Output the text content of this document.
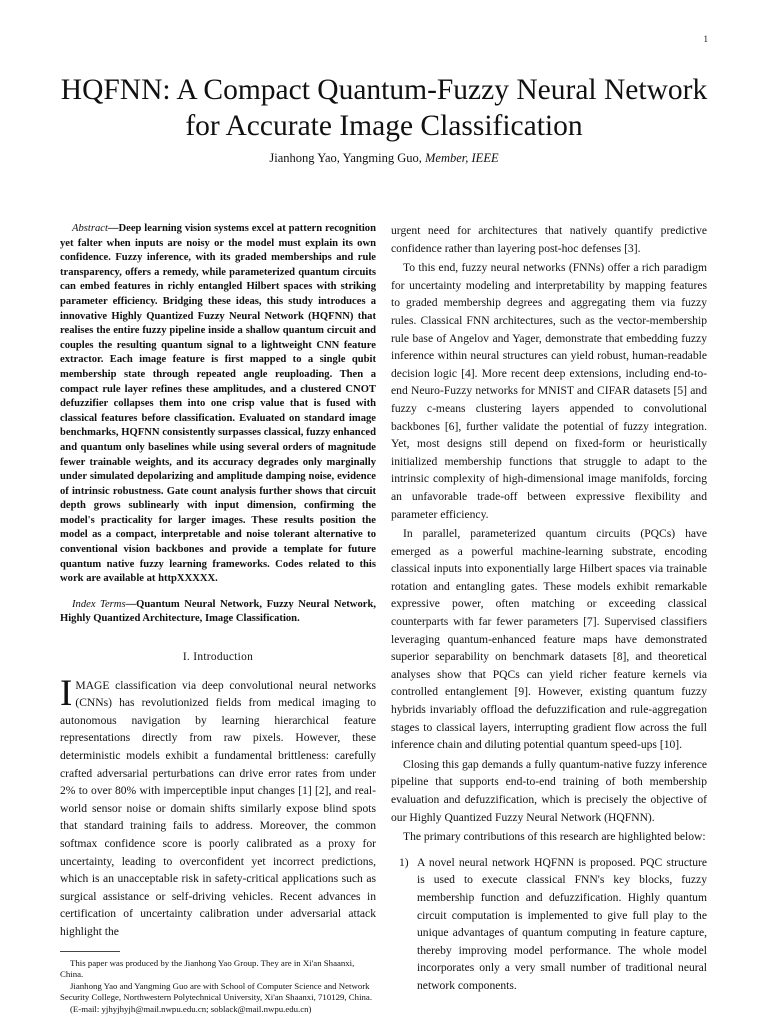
1
HQFNN: A Compact Quantum-Fuzzy Neural Network for Accurate Image Classification
Jianhong Yao, Yangming Guo, Member, IEEE

Abstract—Deep learning vision systems excel at pattern recognition yet falter when inputs are noisy or the model must explain its own confidence. Fuzzy inference, with its graded memberships and rule transparency, offers a remedy, while parameterized quantum circuits can embed features in richly entangled Hilbert spaces with striking parameter efficiency. Bridging these ideas, this study introduces a innovative Highly Quantized Fuzzy Neural Network (HQFNN) that realises the entire fuzzy pipeline inside a shallow quantum circuit and couples the resulting quantum signal to a lightweight CNN feature extractor. Each image feature is first mapped to a single qubit membership state through repeated angle reuploading. Then a compact rule layer refines these amplitudes, and a clustered CNOT defuzzifier collapses them into one crisp value that is fused with classical features before classification. Evaluated on standard image benchmarks, HQFNN consistently surpasses classical, fuzzy enhanced and quantum only baselines while using several orders of magnitude fewer trainable weights, and its accuracy degrades only marginally under simulated depolarizing and amplitude damping noise, evidence of intrinsic robustness. Gate count analysis further shows that circuit depth grows sublinearly with input dimension, confirming the model's practicality for larger images. These results position the model as a compact, interpretable and noise tolerant alternative to conventional vision backbones and provide a template for future quantum native fuzzy learning frameworks. Codes related to this work are available at httpXXXXX.

Index Terms—Quantum Neural Network, Fuzzy Neural Network, Highly Quantized Architecture, Image Classification.

I. Introduction

IMAGE classification via deep convolutional neural networks (CNNs) has revolutionized fields from medical imaging to autonomous navigation by learning hierarchical feature representations directly from raw pixels. However, these deterministic models exhibit a fundamental brittleness: carefully crafted adversarial perturbations can drive error rates from under 2% to over 80% with imperceptible input changes [1] [2], and real-world sensor noise or domain shifts similarly expose blind spots that standard training fails to address. Moreover, the common softmax confidence score is poorly calibrated as a proxy for uncertainty, leading to overconfident yet incorrect predictions, which is an unacceptable risk in safety-critical applications such as surgical assistance or self-driving vehicles. Recent advances in certification of uncertainty calibration under adversarial attack highlight the

This paper was produced by the Jianhong Yao Group. They are in Xi'an Shaanxi, China.

Jianhong Yao and Yangming Guo are with School of Computer Science and Network Security College, Northwestern Polytechnical University, Xi'an Shaanxi, 710129, China.

(E-mail: yjhyjhyjh@mail.nwpu.edu.cn; soblack@mail.nwpu.edu.cn)

urgent need for architectures that natively quantify predictive confidence rather than layering post-hoc defenses [3].

To this end, fuzzy neural networks (FNNs) offer a rich paradigm for uncertainty modeling and interpretability by mapping features to graded membership degrees and aggregating them via fuzzy rules. Classical FNN architectures, such as the vector-membership rule base of Angelov and Yager, demonstrate that embedding fuzzy inference within neural structures can yield robust, human-readable decision logic [4]. More recent deep extensions, including end-to-end Neuro-Fuzzy networks for MNIST and CIFAR datasets [5] and fuzzy c-means clustering layers appended to convolutional backbones [6], further validate the potential of fuzzy integration. Yet, most designs still depend on fixed-form or heuristically initialized membership functions that struggle to adapt to the intrinsic complexity of high-dimensional image manifolds, forcing an unfavorable trade-off between expressive flexibility and parameter efficiency.

In parallel, parameterized quantum circuits (PQCs) have emerged as a powerful machine-learning substrate, encoding classical inputs into exponentially large Hilbert spaces via trainable rotation and entangling gates. These models exhibit remarkable expressive power, often matching or exceeding classical counterparts with far fewer parameters [7]. Supervised classifiers leveraging quantum-enhanced feature maps have demonstrated superior separability on benchmark datasets [8], and theoretical analyses show that PQCs can yield richer feature kernels via controlled entanglement [9]. However, existing quantum fuzzy hybrids invariably offload the defuzzification and rule-aggregation stages to classical layers, interrupting gradient flow across the full inference chain and diluting potential quantum speed-ups [10].

Closing this gap demands a fully quantum-native fuzzy inference pipeline that supports end-to-end training of both membership evaluation and defuzzification, which is precisely the objective of our Highly Quantized Fuzzy Neural Network (HQFNN).

The primary contributions of this research are highlighted below:

1) A novel neural network HQFNN is proposed. PQC structure is used to execute classical FNN's key blocks, fuzzy membership function and defuzzification. Highly quantum circuit computation is implemented to give full play to the unique advantages of quantum computing in feature capture, thereby improving model performance. The whole model incorporates only a very small number of traditional neural network components.
